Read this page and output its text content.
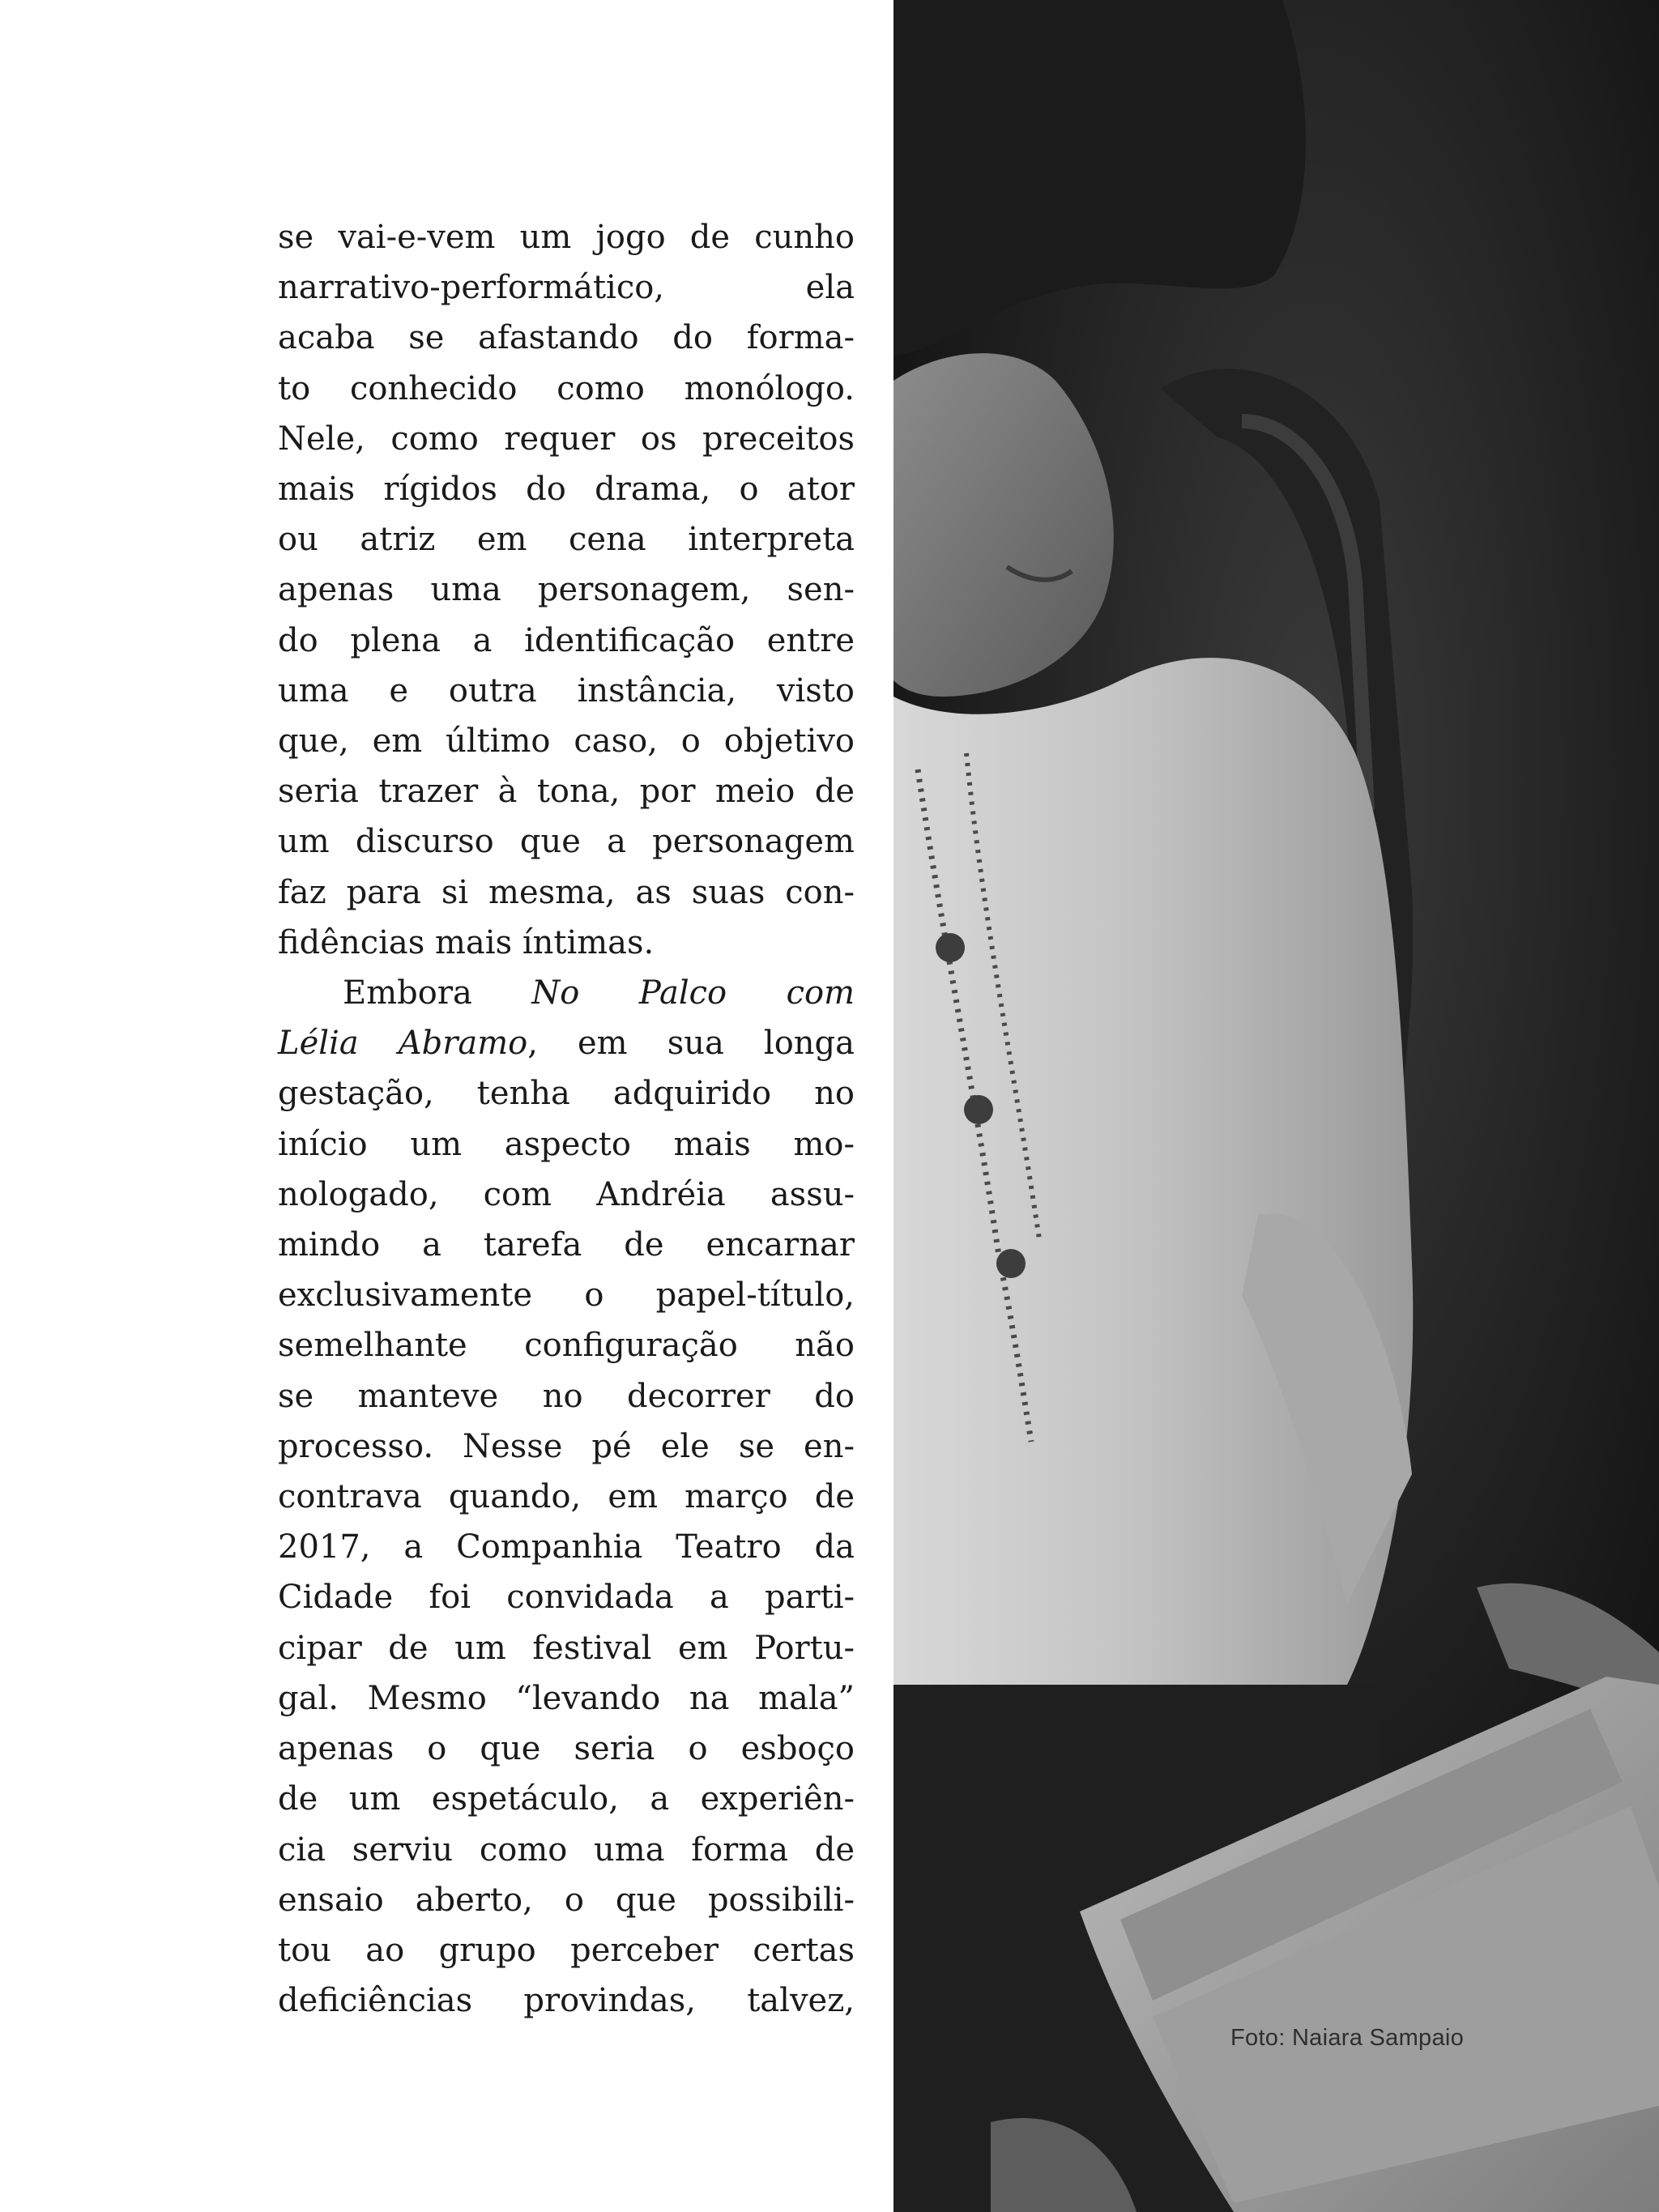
se vai-e-vem um jogo de cunho
narrativo-performático, ela
acaba se afastando do forma-
to conhecido como monólogo.
Nele, como requer os preceitos
mais rígidos do drama, o ator
ou atriz em cena interpreta
apenas uma personagem, sen-
do plena a identificação entre
uma e outra instância, visto
que, em último caso, o objetivo
seria trazer à tona, por meio de
um discurso que a personagem
faz para si mesma, as suas con-
fidências mais íntimas.

Embora No Palco com
Lélia Abramo, em sua longa
gestação, tenha adquirido no
início um aspecto mais mo-
nologado, com Andréia assu-
mindo a tarefa de encarnar
exclusivamente o papel-título,
semelhante configuração não
se manteve no decorrer do
processo. Nesse pé ele se en-
contrava quando, em março de
2017, a Companhia Teatro da
Cidade foi convidada a parti-
cipar de um festival em Portu-
gal. Mesmo “levando na mala”
apenas o que seria o esboço
de um espetáculo, a experiên-
cia serviu como uma forma de
ensaio aberto, o que possibili-
tou ao grupo perceber certas
deficiências provindas, talvez,

Foto: Naiara Sampaio
